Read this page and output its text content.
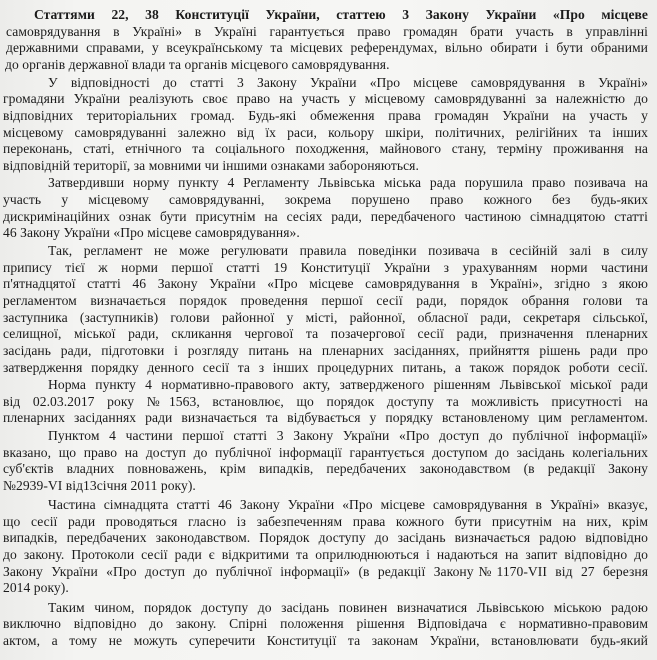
Статтями 22, 38 Конституції України, статтею 3 Закону України «Про місцеве
самоврядування в Україні» в Україні гарантується право громадян брати участь в управлінні
державними справами, у всеукраїнському та місцевих референдумах, вільно обирати і бути обраними
до органів державної влади та органів місцевого самоврядування.
У відповідності до статті 3 Закону України «Про місцеве самоврядування в Україні»
громадяни України реалізують своє право на участь у місцевому самоврядуванні за належністю до
відповідних територіальних громад. Будь-які обмеження права громадян України на участь у
місцевому самоврядуванні залежно від їх раси, кольору шкіри, політичних, релігійних та інших
переконань, статі, етнічного та соціального походження, майнового стану, терміну проживання на
відповідній території, за мовними чи іншими ознаками забороняються.
Затвердивши норму пункту 4 Регламенту Львівська міська рада порушила право позивача на
участь у місцевому самоврядуванні, зокрема порушено право кожного без будь-яких
дискримінаційних ознак бути присутнім на сесіях ради, передбаченого частиною сімнадцятою статті
46 Закону України «Про місцеве самоврядування».
Так, регламент не може регулювати правила поведінки позивача в сесійній залі в силу
припису тієї ж норми першої статті 19 Конституції України з урахуванням норми частини
п'ятнадцятої статті 46 Закону України «Про місцеве самоврядування в Україні», згідно з якою
регламентом визначається порядок проведення першої сесії ради, порядок обрання голови та
заступника (заступників) голови районної у місті, районної, обласної ради, секретаря сільської,
селищної, міської ради, скликання чергової та позачергової сесії ради, призначення пленарних
засідань ради, підготовки і розгляду питань на пленарних засіданнях, прийняття рішень ради про
затвердження порядку денного сесії та з інших процедурних питань, а також порядок роботи сесії.
Норма пункту 4 нормативно-правового акту, затвердженого рішенням Львівської міської ради
від 02.03.2017 року №1563, встановлює, що порядок доступу та можливість присутності на
пленарних засіданнях ради визначається та відбувається у порядку встановленому цим регламентом.
Пунктом 4 частини першої статті 3 Закону України «Про доступ до публічної інформації»
вказано, що право на доступ до публічної інформації гарантується доступом до засідань колегіальних
суб'єктів владних повноважень, крім випадків, передбачених законодавством (в редакції Закону
№2939-VI від13січня 2011 року).
Частина сімнадцята статті 46 Закону України «Про місцеве самоврядування в Україні» вказує,
що сесії ради проводяться гласно із забезпеченням права кожного бути присутнім на них, крім
випадків, передбачених законодавством. Порядок доступу до засідань визначається радою відповідно
до закону. Протоколи сесії ради є відкритими та оприлюднюються і надаються на запит відповідно до
Закону України «Про доступ до публічної інформації» (в редакції Закону№1170-VII від 27 березня
2014 року).
Таким чином, порядок доступу до засідань повинен визначатися Львівською міською радою
виключно відповідно до закону. Спірні положення рішення Відповідача є нормативно-правовим
актом, а тому не можуть суперечити Конституції та законам України, встановлювати будь-який
